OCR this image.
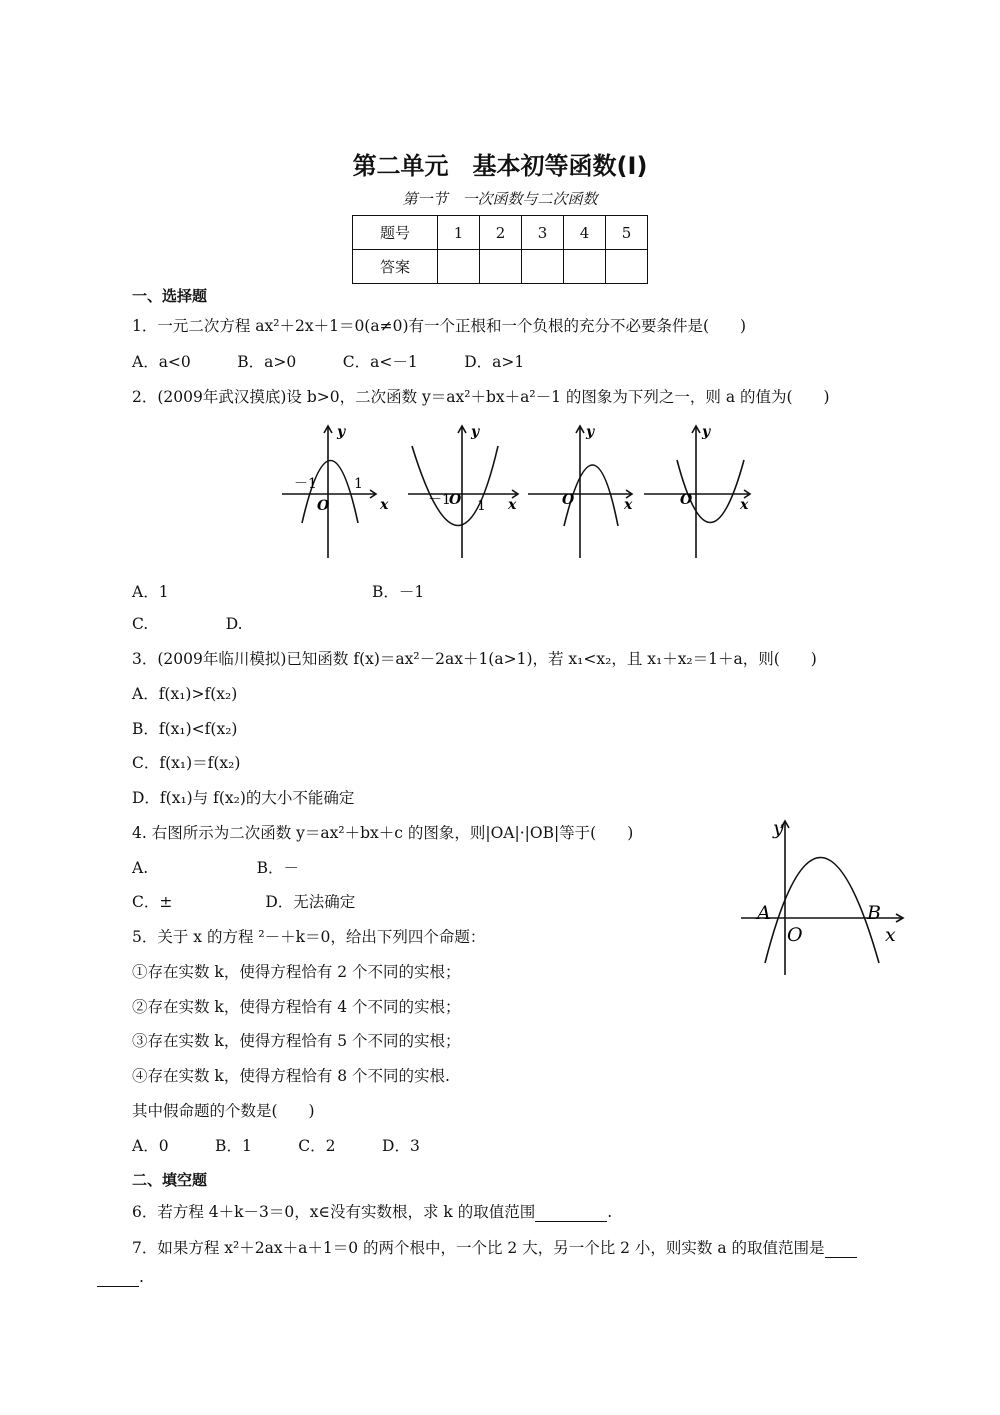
第二单元　基本初等函数(Ⅰ)
第一节　一次函数与二次函数
题号	1	2	3	4	5
答案					
一、选择题
1．一元二次方程 ax²＋2x＋1＝0(a≠0)有一个正根和一个负根的充分不必要条件是(　　)
A．a<0　　　B．a>0　　　C．a<－1　　　D．a>1
2．(2009年武汉摸底)设 b>0，二次函数 y＝ax²＋bx＋a²－1 的图象为下列之一，则 a 的值为(　　)
y
x
O
y
x
O
y
x
O
y
x
O
－1	1
－1 1
A．1	B．－1
C.　　　　　D.
3．(2009年临川模拟)已知函数 f(x)＝ax²－2ax＋1(a>1)，若 x₁<x₂，且 x₁＋x₂＝1＋a，则(　　)
A．f(x₁)>f(x₂)
B．f(x₁)<f(x₂)
C．f(x₁)＝f(x₂)
D．f(x₁)与 f(x₂)的大小不能确定
4. 右图所示为二次函数 y＝ax²＋bx＋c 的图象，则|OA|·|OB|等于(　　)
A.　　　　　　　B．－
C．±　　　　　　D．无法确定
y
x
O
A	B
5．关于 x 的方程 ²－＋k＝0，给出下列四个命题：
①存在实数 k，使得方程恰有 2 个不同的实根；
②存在实数 k，使得方程恰有 4 个不同的实根；
③存在实数 k，使得方程恰有 5 个不同的实根；
④存在实数 k，使得方程恰有 8 个不同的实根.
其中假命题的个数是(　　)
A．0　　　B．1　　　C．2　　　D．3
二、填空题
6．若方程 4＋k－3＝0，x∈没有实数根，求 k 的取值范围	.
7．如果方程 x²＋2ax＋a＋1＝0 的两个根中，一个比 2 大，另一个比 2 小，则实数 a 的取值范围是
.
